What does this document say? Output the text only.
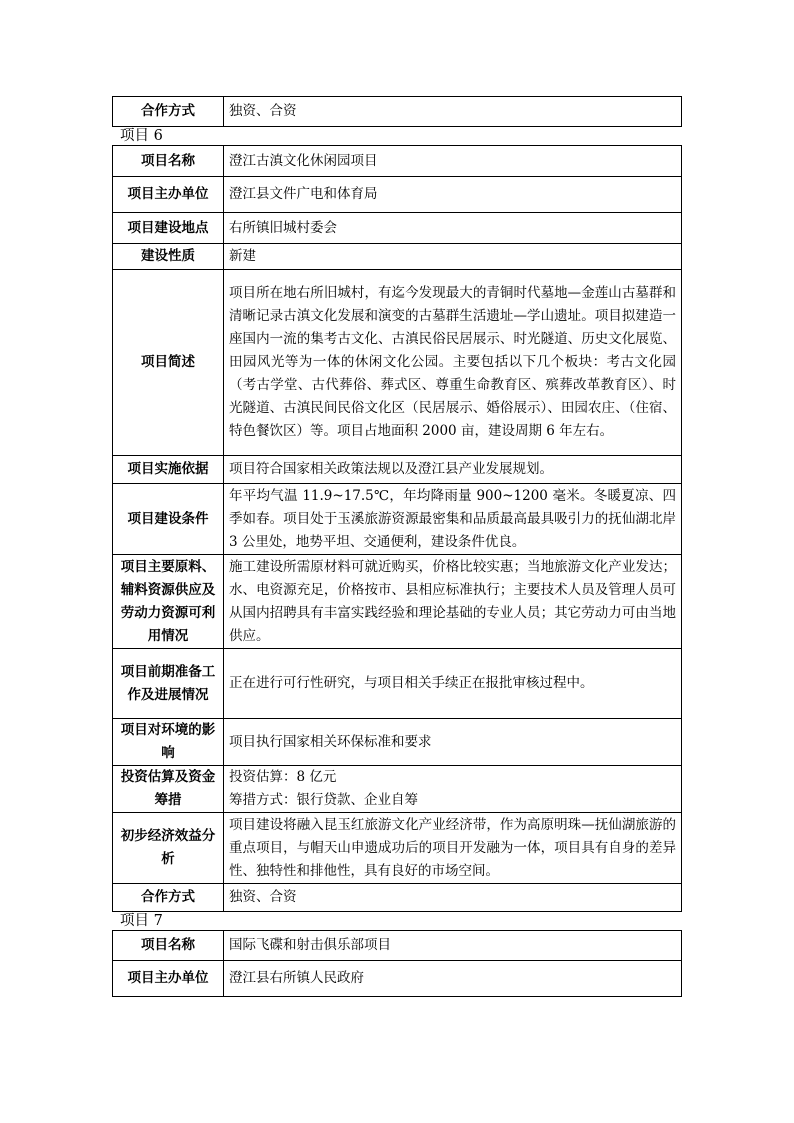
合作方式	独资、合资
项目 6
项目名称	澄江古滇文化休闲园项目
项目主办单位	澄江县文件广电和体育局
项目建设地点	右所镇旧城村委会
建设性质	新建
项目简述	项目所在地右所旧城村，有迄今发现最大的青铜时代墓地—金莲山古墓群和清晰记录古滇文化发展和演变的古墓群生活遗址—学山遗址。项目拟建造一座国内一流的集考古文化、古滇民俗民居展示、时光隧道、历史文化展览、田园风光等为一体的休闲文化公园。主要包括以下几个板块：考古文化园（考古学堂、古代葬俗、葬式区、尊重生命教育区、殡葬改革教育区）、时光隧道、古滇民间民俗文化区（民居展示、婚俗展示）、田园农庄、（住宿、特色餐饮区）等。项目占地面积 2000 亩，建设周期 6 年左右。
项目实施依据	项目符合国家相关政策法规以及澄江县产业发展规划。
项目建设条件	年平均气温 11.9~17.5℃，年均降雨量 900~1200 毫米。冬暖夏凉、四季如春。项目处于玉溪旅游资源最密集和品质最高最具吸引力的抚仙湖北岸 3 公里处，地势平坦、交通便利，建设条件优良。
项目主要原料、辅料资源供应及劳动力资源可利用情况	施工建设所需原材料可就近购买，价格比较实惠；当地旅游文化产业发达；水、电资源充足，价格按市、县相应标准执行；主要技术人员及管理人员可从国内招聘具有丰富实践经验和理论基础的专业人员；其它劳动力可由当地供应。
项目前期准备工作及进展情况	正在进行可行性研究，与项目相关手续正在报批审核过程中。
项目对环境的影响	项目执行国家相关环保标准和要求
投资估算及资金筹措	投资估算：8 亿元
筹措方式：银行贷款、企业自筹

初步经济效益分析	项目建设将融入昆玉红旅游文化产业经济带，作为高原明珠—抚仙湖旅游的重点项目，与帽天山申遗成功后的项目开发融为一体，项目具有自身的差异性、独特性和排他性，具有良好的市场空间。
合作方式	独资、合资
项目 7
项目名称	国际飞碟和射击俱乐部项目
项目主办单位	澄江县右所镇人民政府
